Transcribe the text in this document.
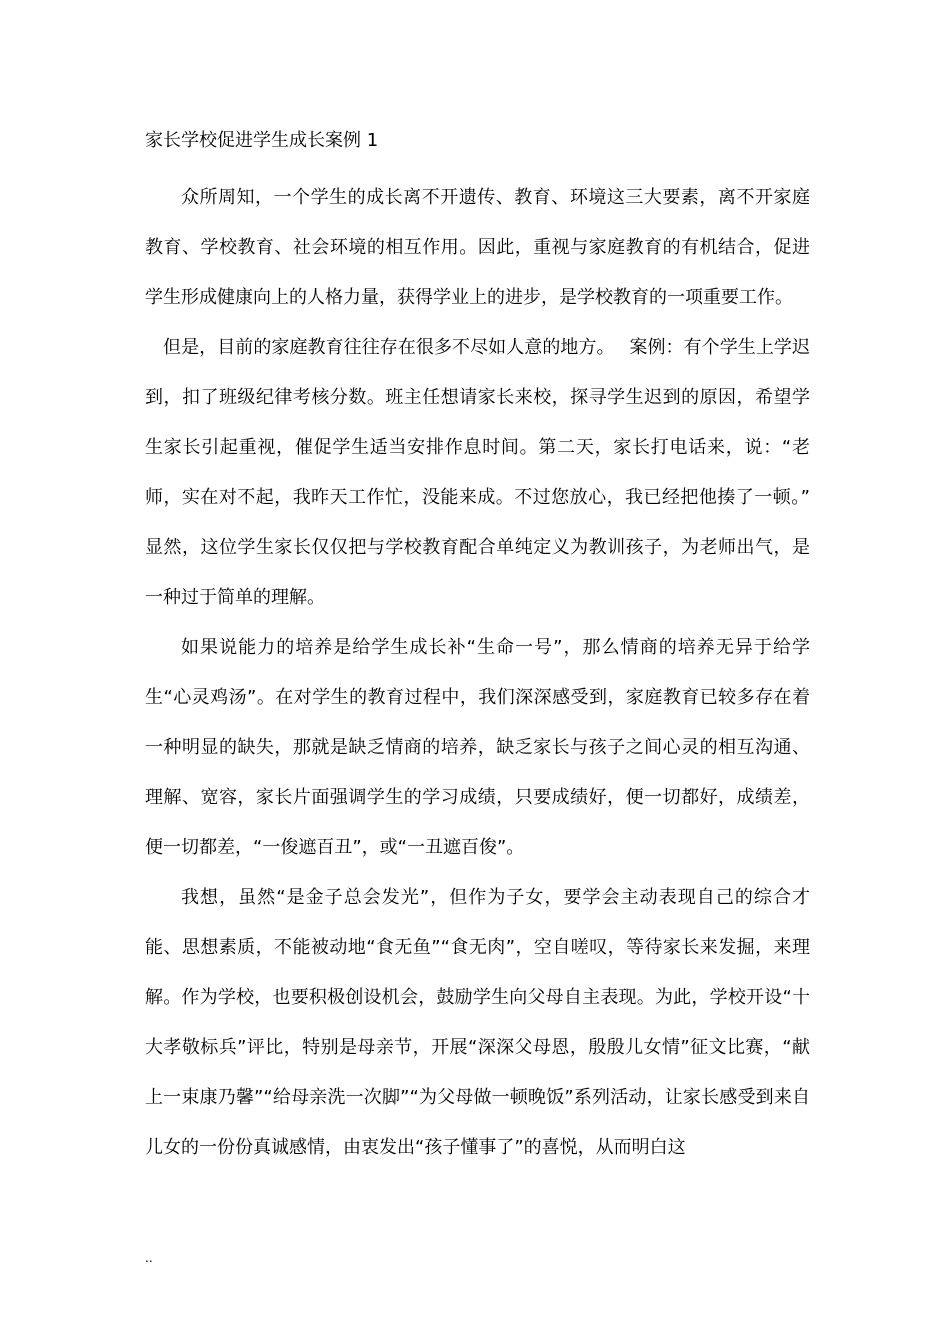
家长学校促进学生成长案例 1

众所周知，一个学生的成长离不开遗传、教育、环境这三大要素，离不开家庭教育、学校教育、社会环境的相互作用。因此，重视与家庭教育的有机结合，促进学生形成健康向上的人格力量，获得学业上的进步，是学校教育的一项重要工作。

但是，目前的家庭教育往往存在很多不尽如人意的地方。　 案例：有个学生上学迟到，扣了班级纪律考核分数。班主任想请家长来校，探寻学生迟到的原因，希望学生家长引起重视，催促学生适当安排作息时间。第二天，家长打电话来，说：“老师，实在对不起，我昨天工作忙，没能来成。不过您放心，我已经把他揍了一顿。”　 显然，这位学生家长仅仅把与学校教育配合单纯定义为教训孩子，为老师出气，是一种过于简单的理解。

如果说能力的培养是给学生成长补“生命一号”，那么情商的培养无异于给学生“心灵鸡汤”。在对学生的教育过程中，我们深深感受到，家庭教育已较多存在着一种明显的缺失，那就是缺乏情商的培养，缺乏家长与孩子之间心灵的相互沟通、理解、宽容，家长片面强调学生的学习成绩，只要成绩好，便一切都好，成绩差，便一切都差，“一俊遮百丑”，或“一丑遮百俊”。

我想，虽然“是金子总会发光”，但作为子女，要学会主动表现自己的综合才能、思想素质，不能被动地“食无鱼”“食无肉”，空自嗟叹，等待家长来发掘，来理解。作为学校，也要积极创设机会，鼓励学生向父母自主表现。为此，学校开设“十大孝敬标兵”评比，特别是母亲节，开展“深深父母恩，殷殷儿女情”征文比赛，“献上一束康乃馨”“给母亲洗一次脚”“为父母做一顿晚饭”系列活动，让家长感受到来自儿女的一份份真诚感情，由衷发出“孩子懂事了”的喜悦，从而明白这

..
